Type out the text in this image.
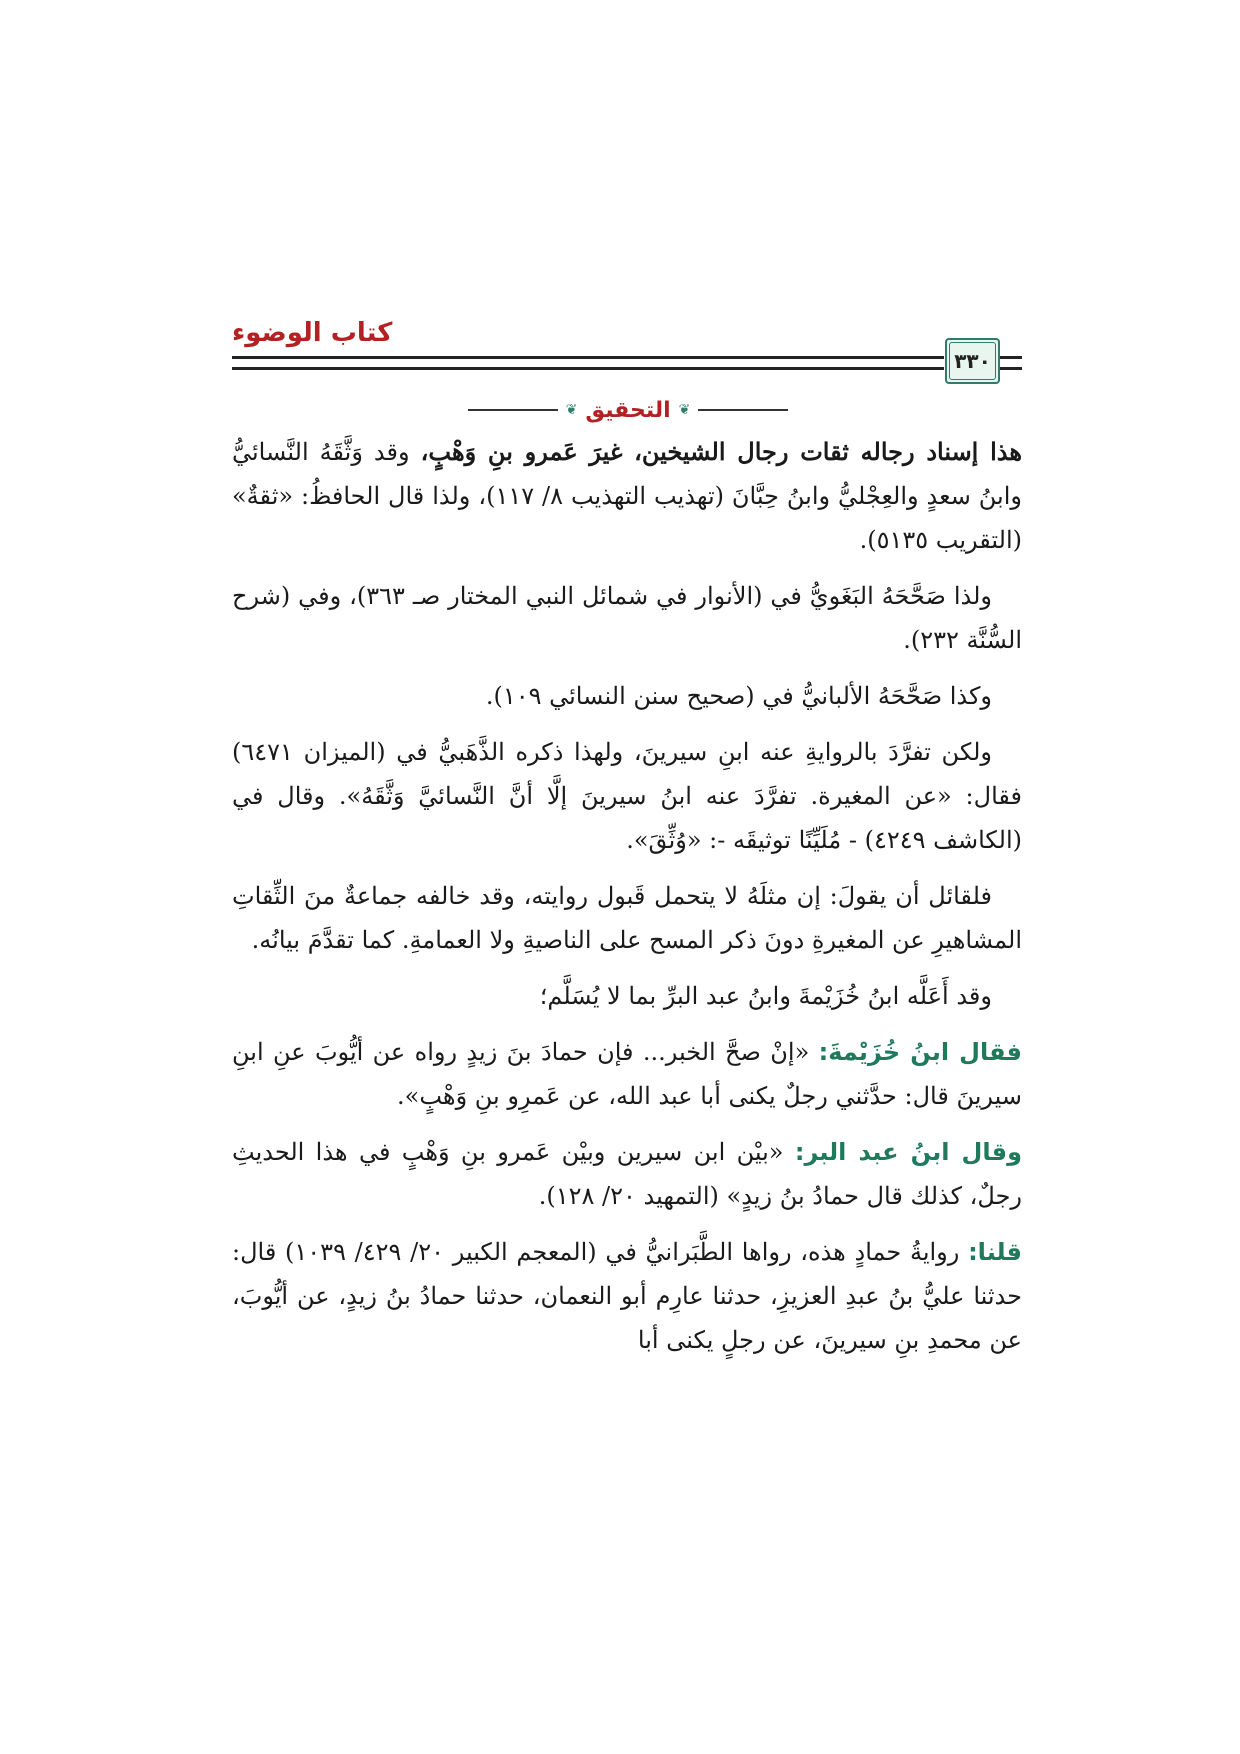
كتاب الوضوء
٣٣٠
❦ التحقيق ❦

هذا إسناد رجاله ثقات رجال الشيخين، غيرَ عَمرو بنِ وَهْبٍ، وقد وَثَّقَهُ النَّسائيُّ وابنُ سعدٍ والعِجْليُّ وابنُ حِبَّانَ (تهذيب التهذيب ٨/ ١١٧)، ولذا قال الحافظُ: «ثقةٌ» (التقريب ٥١٣٥).

ولذا صَحَّحَهُ البَغَويُّ في (الأنوار في شمائل النبي المختار صـ ٣٦٣)، وفي (شرح السُّنَّة ٢٣٢).

وكذا صَحَّحَهُ الألبانيُّ في (صحيح سنن النسائي ١٠٩).

ولكن تفرَّدَ بالروايةِ عنه ابنِ سيرينَ، ولهذا ذكره الذَّهَبيُّ في (الميزان ٦٤٧١) فقال: «عن المغيرة. تفرَّدَ عنه ابنُ سيرينَ إلَّا أنَّ النَّسائيَّ وَثَّقَهُ». وقال في (الكاشف ٤٢٤٩) - مُلَيِّنًا توثيقَه -: «وُثِّقَ».

فلقائل أن يقولَ: إن مثلَهُ لا يتحمل قَبول روايته، وقد خالفه جماعةٌ منَ الثِّقاتِ المشاهيرِ عن المغيرةِ دونَ ذكر المسح على الناصيةِ ولا العمامةِ. كما تقدَّمَ بيانُه.

وقد أَعَلَّه ابنُ خُزَيْمةَ وابنُ عبد البرِّ بما لا يُسَلَّم؛

فقال ابنُ خُزَيْمةَ: «إنْ صحَّ الخبر... فإن حمادَ بنَ زيدٍ رواه عن أيُّوبَ عنِ ابنِ سيرينَ قال: حدَّثني رجلٌ يكنى أبا عبد الله، عن عَمرِو بنِ وَهْبٍ».

وقال ابنُ عبد البر: «بيْن ابن سيرين وبيْن عَمرو بنِ وَهْبٍ في هذا الحديثِ رجلٌ، كذلك قال حمادُ بنُ زيدٍ» (التمهيد ٢٠/ ١٢٨).

قلنا: روايةُ حمادٍ هذه، رواها الطَّبَرانيُّ في (المعجم الكبير ٢٠/ ٤٢٩/ ١٠٣٩) قال: حدثنا عليُّ بنُ عبدِ العزيزِ، حدثنا عارِم أبو النعمان، حدثنا حمادُ بنُ زيدٍ، عن أيُّوبَ، عن محمدِ بنِ سيرينَ، عن رجلٍ يكنى أبا
